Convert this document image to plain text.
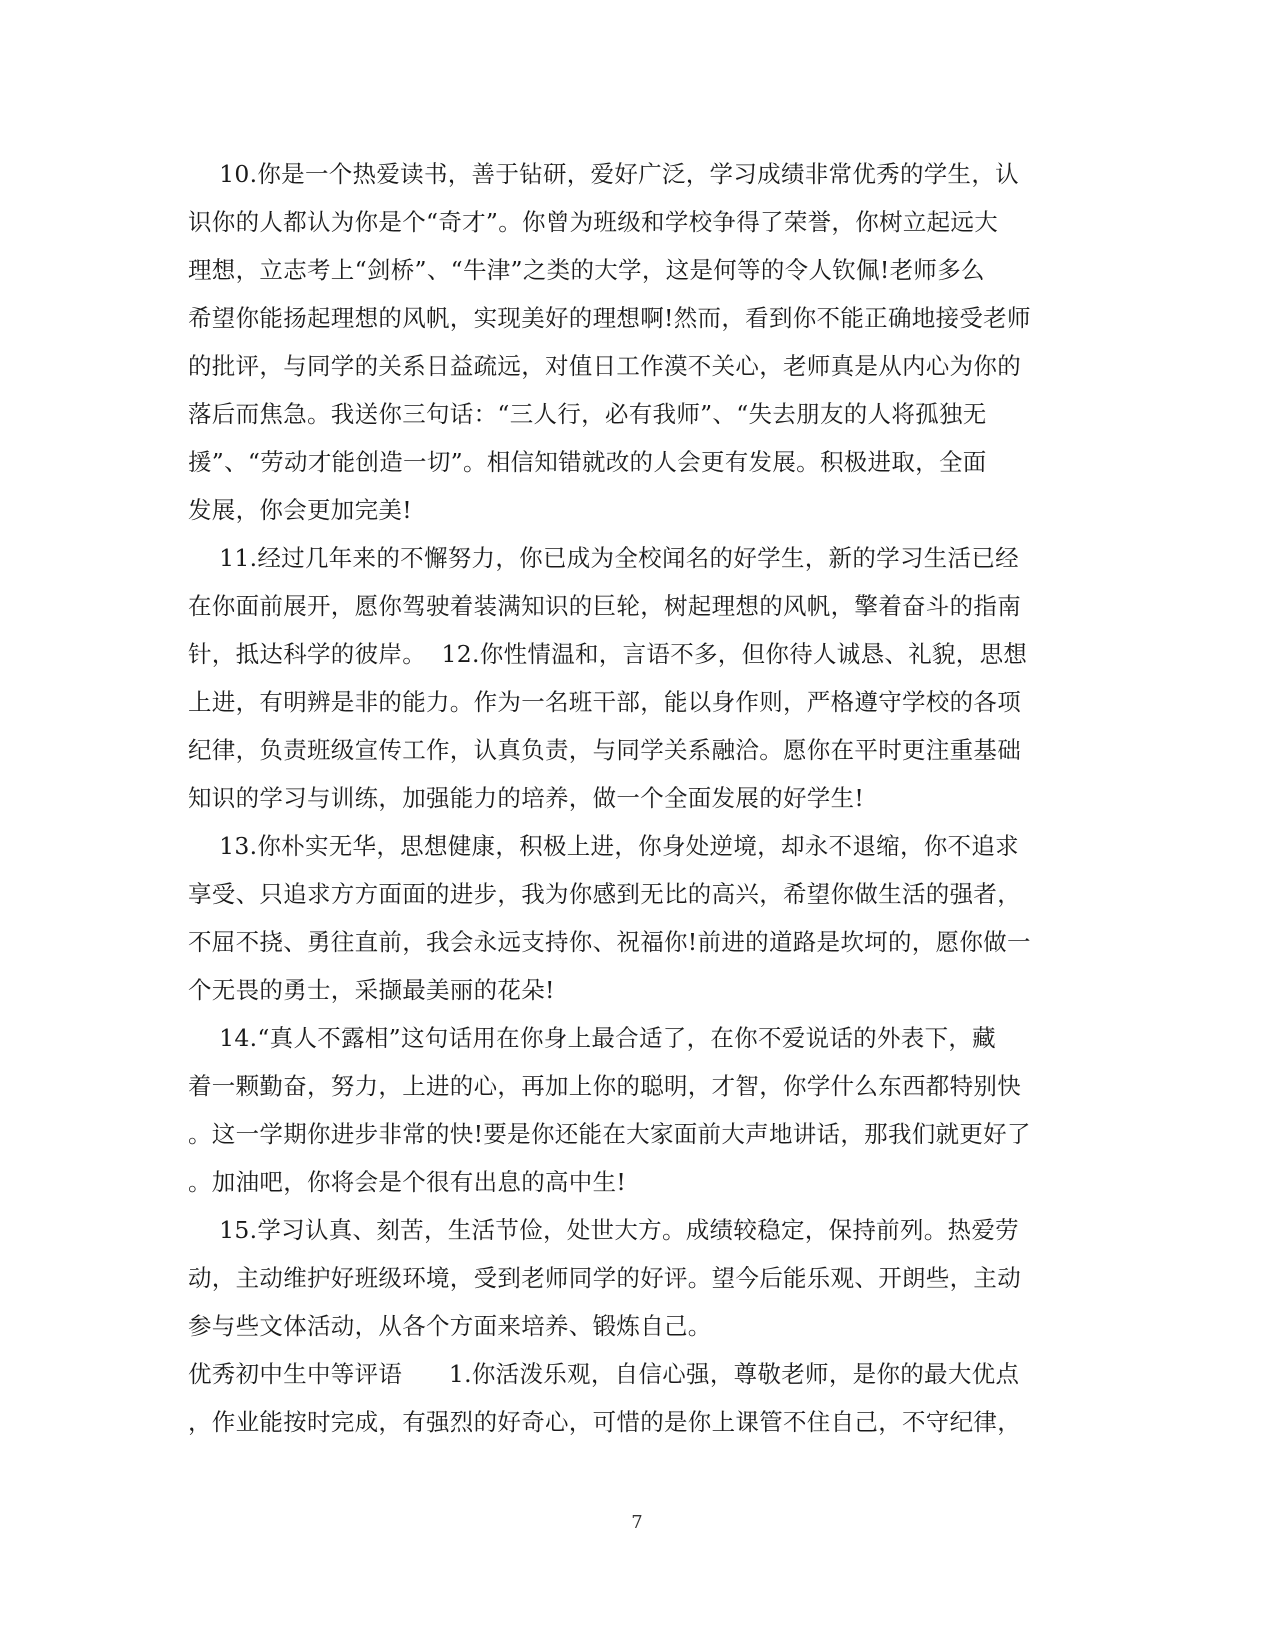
10.你是一个热爱读书，善于钻研，爱好广泛，学习成绩非常优秀的学生，认
识你的人都认为你是个“奇才”。你曾为班级和学校争得了荣誉，你树立起远大
理想，立志考上“剑桥”、“牛津”之类的大学，这是何等的令人钦佩!老师多么
希望你能扬起理想的风帆，实现美好的理想啊!然而，看到你不能正确地接受老师
的批评，与同学的关系日益疏远，对值日工作漠不关心，老师真是从内心为你的
落后而焦急。我送你三句话：“三人行，必有我师”、“失去朋友的人将孤独无
援”、“劳动才能创造一切”。相信知错就改的人会更有发展。积极进取，全面
发展，你会更加完美!
11.经过几年来的不懈努力，你已成为全校闻名的好学生，新的学习生活已经
在你面前展开，愿你驾驶着装满知识的巨轮，树起理想的风帆，擎着奋斗的指南
针，抵达科学的彼岸。  12.你性情温和，言语不多，但你待人诚恳、礼貌，思想
上进，有明辨是非的能力。作为一名班干部，能以身作则，严格遵守学校的各项
纪律，负责班级宣传工作，认真负责，与同学关系融洽。愿你在平时更注重基础
知识的学习与训练，加强能力的培养，做一个全面发展的好学生!
13.你朴实无华，思想健康，积极上进，你身处逆境，却永不退缩，你不追求
享受、只追求方方面面的进步，我为你感到无比的高兴，希望你做生活的强者，
不屈不挠、勇往直前，我会永远支持你、祝福你!前进的道路是坎坷的，愿你做一
个无畏的勇士，采撷最美丽的花朵!
14.“真人不露相”这句话用在你身上最合适了，在你不爱说话的外表下，藏
着一颗勤奋，努力，上进的心，再加上你的聪明，才智，你学什么东西都特别快
。这一学期你进步非常的快!要是你还能在大家面前大声地讲话，那我们就更好了
。加油吧，你将会是个很有出息的高中生!
15.学习认真、刻苦，生活节俭，处世大方。成绩较稳定，保持前列。热爱劳
动，主动维护好班级环境，受到老师同学的好评。望今后能乐观、开朗些，主动
参与些文体活动，从各个方面来培养、锻炼自己。
优秀初中生中等评语      1.你活泼乐观，自信心强，尊敬老师，是你的最大优点
，作业能按时完成，有强烈的好奇心，可惜的是你上课管不住自己，不守纪律，
7
